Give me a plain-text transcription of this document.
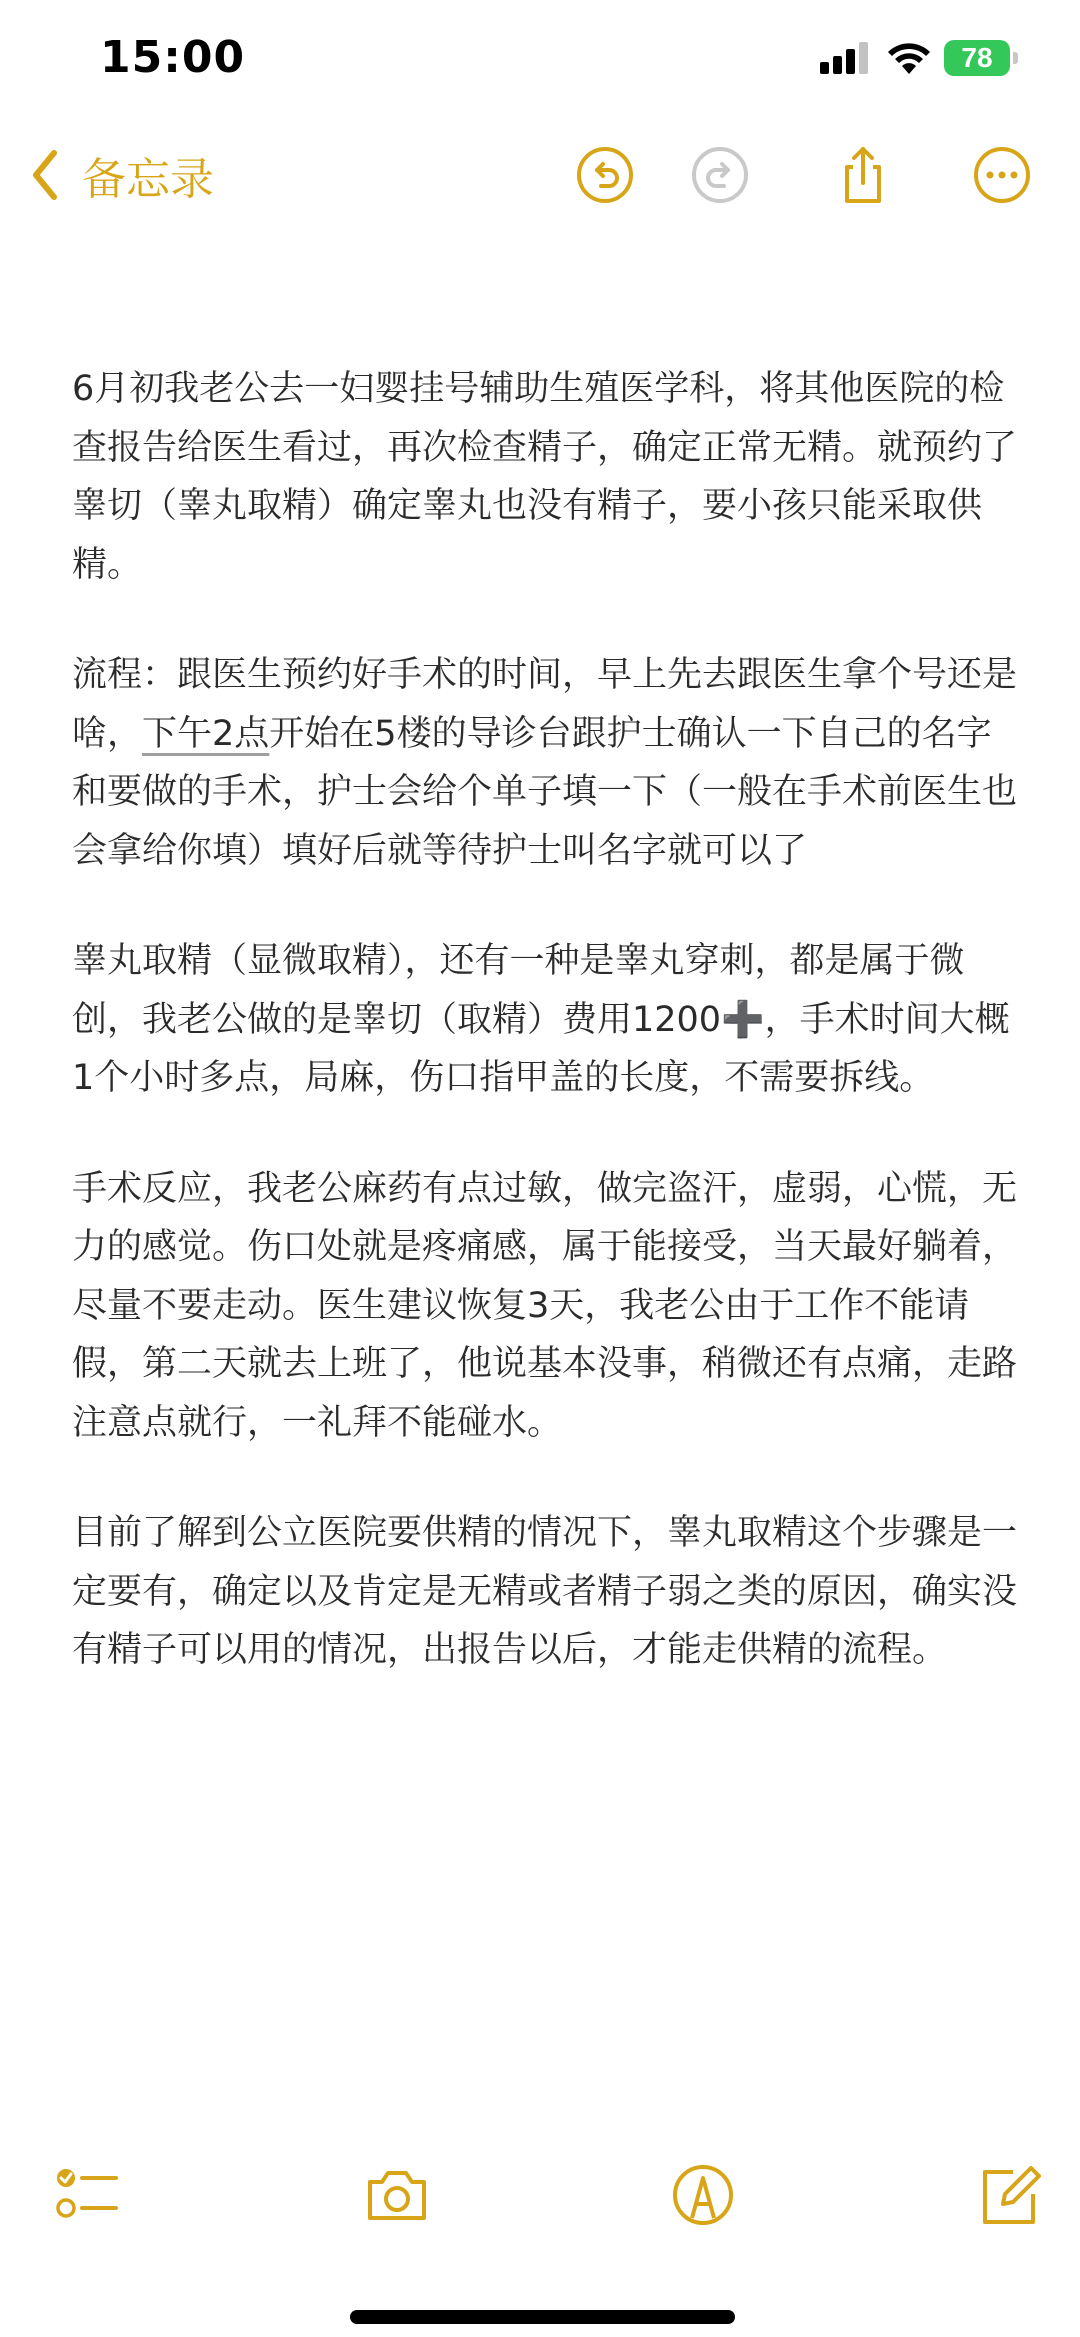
15:00	78
备忘录

6月初我老公去一妇婴挂号辅助生殖医学科，将其他医院的检查报告给医生看过，再次检查精子，确定正常无精。就预约了睾切（睾丸取精）确定睾丸也没有精子，要小孩只能采取供精。

流程：跟医生预约好手术的时间，早上先去跟医生拿个号还是啥，下午2点开始在5楼的导诊台跟护士确认一下自己的名字和要做的手术，护士会给个单子填一下（一般在手术前医生也会拿给你填）填好后就等待护士叫名字就可以了

睾丸取精（显微取精），还有一种是睾丸穿刺，都是属于微创，我老公做的是睾切（取精）费用1200➕，手术时间大概1个小时多点，局麻，伤口指甲盖的长度，不需要拆线。

手术反应，我老公麻药有点过敏，做完盗汗，虚弱，心慌，无力的感觉。伤口处就是疼痛感，属于能接受，当天最好躺着，尽量不要走动。医生建议恢复3天，我老公由于工作不能请假，第二天就去上班了，他说基本没事，稍微还有点痛，走路注意点就行，一礼拜不能碰水。

目前了解到公立医院要供精的情况下，睾丸取精这个步骤是一定要有，确定以及肯定是无精或者精子弱之类的原因，确实没有精子可以用的情况，出报告以后，才能走供精的流程。
